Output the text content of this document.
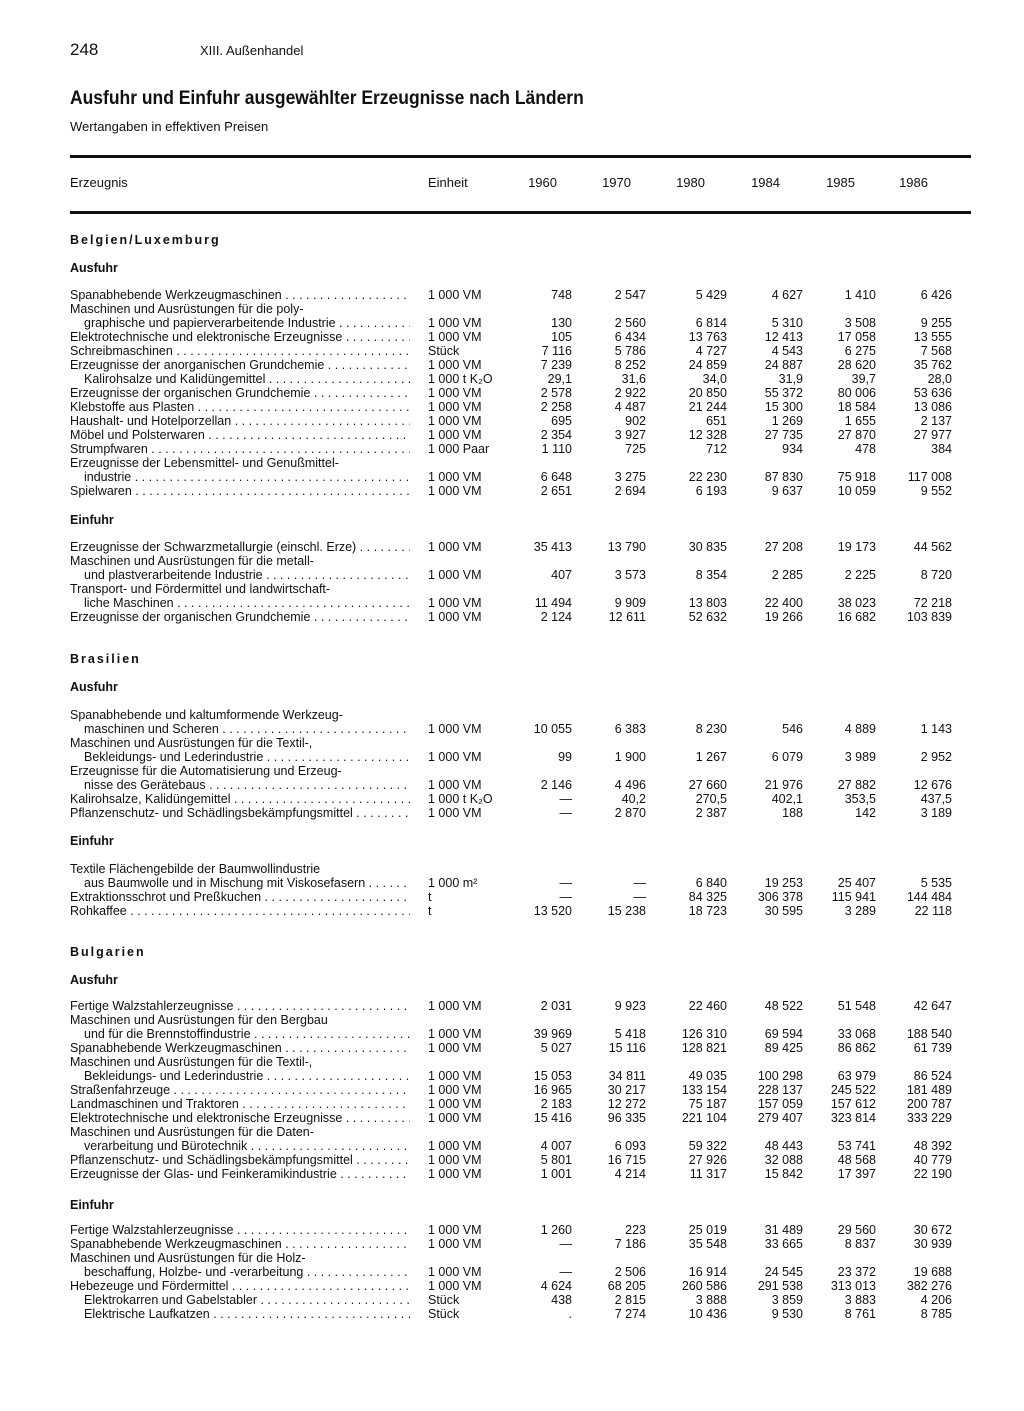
248	XIII. Außenhandel
Ausfuhr und Einfuhr ausgewählter Erzeugnisse nach Ländern
Wertangaben in effektiven Preisen
Erzeugnis	Einheit	1960	1970	1980	1984	1985	1986
Belgien/Luxemburg
Ausfuhr
Spanabhebende Werkzeugmaschinen . . .	1 000 VM	748	2 547	5 429	4 627	1 410	6 426
Maschinen und Ausrüstungen für die poly-
graphische und papierverarbeitende Industrie . . .	1 000 VM	130	2 560	6 814	5 310	3 508	9 255
Elektrotechnische und elektronische Erzeugnisse . . .	1 000 VM	105	6 434	13 763	12 413	17 058	13 555
Schreibmaschinen . . .	Stück	7 116	5 786	4 727	4 543	6 275	7 568
Erzeugnisse der anorganischen Grundchemie . . .	1 000 VM	7 239	8 252	24 859	24 887	28 620	35 762
Kalirohsalze und Kalidüngemittel . . .	1 000 t K₂O	29,1	31,6	34,0	31,9	39,7	28,0
Erzeugnisse der organischen Grundchemie . . .	1 000 VM	2 578	2 922	20 850	55 372	80 006	53 636
Klebstoffe aus Plasten . . .	1 000 VM	2 258	4 487	21 244	15 300	18 584	13 086
Haushalt- und Hotelporzellan . . .	1 000 VM	695	902	651	1 269	1 655	2 137
Möbel und Polsterwaren . . .	1 000 VM	2 354	3 927	12 328	27 735	27 870	27 977
Strumpfwaren . . .	1 000 Paar	1 110	725	712	934	478	384
Erzeugnisse der Lebensmittel- und Genußmittel-
industrie . . .	1 000 VM	6 648	3 275	22 230	87 830	75 918	117 008
Spielwaren . . .	1 000 VM	2 651	2 694	6 193	9 637	10 059	9 552
Einfuhr
Erzeugnisse der Schwarzmetallurgie (einschl. Erze) . . .	1 000 VM	35 413	13 790	30 835	27 208	19 173	44 562
Maschinen und Ausrüstungen für die metall-
und plastverarbeitende Industrie . . .	1 000 VM	407	3 573	8 354	2 285	2 225	8 720
Transport- und Fördermittel und landwirtschaft-
liche Maschinen . . .	1 000 VM	11 494	9 909	13 803	22 400	38 023	72 218
Erzeugnisse der organischen Grundchemie . . .	1 000 VM	2 124	12 611	52 632	19 266	16 682	103 839
Brasilien
Ausfuhr
Spanabhebende und kaltumformende Werkzeug-
maschinen und Scheren . . .	1 000 VM	10 055	6 383	8 230	546	4 889	1 143
Maschinen und Ausrüstungen für die Textil-,
Bekleidungs- und Lederindustrie . . .	1 000 VM	99	1 900	1 267	6 079	3 989	2 952
Erzeugnisse für die Automatisierung und Erzeug-
nisse des Gerätebaus . . .	1 000 VM	2 146	4 496	27 660	21 976	27 882	12 676
Kalirohsalze, Kalidüngemittel . . .	1 000 t K₂O	—	40,2	270,5	402,1	353,5	437,5
Pflanzenschutz- und Schädlingsbekämpfungsmittel . . .	1 000 VM	—	2 870	2 387	188	142	3 189
Einfuhr
Textile Flächengebilde der Baumwollindustrie
aus Baumwolle und in Mischung mit Viskosefasern . . .	1 000 m²	—	—	6 840	19 253	25 407	5 535
Extraktionsschrot und Preßkuchen . . .	t	—	—	84 325	306 378	115 941	144 484
Rohkaffee . . .	t	13 520	15 238	18 723	30 595	3 289	22 118
Bulgarien
Ausfuhr
Fertige Walzstahlerzeugnisse . . .	1 000 VM	2 031	9 923	22 460	48 522	51 548	42 647
Maschinen und Ausrüstungen für den Bergbau
und für die Brennstoffindustrie . . .	1 000 VM	39 969	5 418	126 310	69 594	33 068	188 540
Spanabhebende Werkzeugmaschinen . . .	1 000 VM	5 027	15 116	128 821	89 425	86 862	61 739
Maschinen und Ausrüstungen für die Textil-,
Bekleidungs- und Lederindustrie . . .	1 000 VM	15 053	34 811	49 035	100 298	63 979	86 524
Straßenfahrzeuge . . .	1 000 VM	16 965	30 217	133 154	228 137	245 522	181 489
Landmaschinen und Traktoren . . .	1 000 VM	2 183	12 272	75 187	157 059	157 612	200 787
Elektrotechnische und elektronische Erzeugnisse . . .	1 000 VM	15 416	96 335	221 104	279 407	323 814	333 229
Maschinen und Ausrüstungen für die Daten-
verarbeitung und Bürotechnik . . .	1 000 VM	4 007	6 093	59 322	48 443	53 741	48 392
Pflanzenschutz- und Schädlingsbekämpfungsmittel . . .	1 000 VM	5 801	16 715	27 926	32 088	48 568	40 779
Erzeugnisse der Glas- und Feinkeramikindustrie . . .	1 000 VM	1 001	4 214	11 317	15 842	17 397	22 190
Einfuhr
Fertige Walzstahlerzeugnisse . . .	1 000 VM	1 260	223	25 019	31 489	29 560	30 672
Spanabhebende Werkzeugmaschinen . . .	1 000 VM	—	7 186	35 548	33 665	8 837	30 939
Maschinen und Ausrüstungen für die Holz-
beschaffung, Holzbe- und -verarbeitung . . .	1 000 VM	—	2 506	16 914	24 545	23 372	19 688
Hebezeuge und Fördermittel . . .	1 000 VM	4 624	68 205	260 586	291 538	313 013	382 276
Elektrokarren und Gabelstabler . . .	Stück	438	2 815	3 888	3 859	3 883	4 206
Elektrische Laufkatzen . . .	Stück	.	7 274	10 436	9 530	8 761	8 785
